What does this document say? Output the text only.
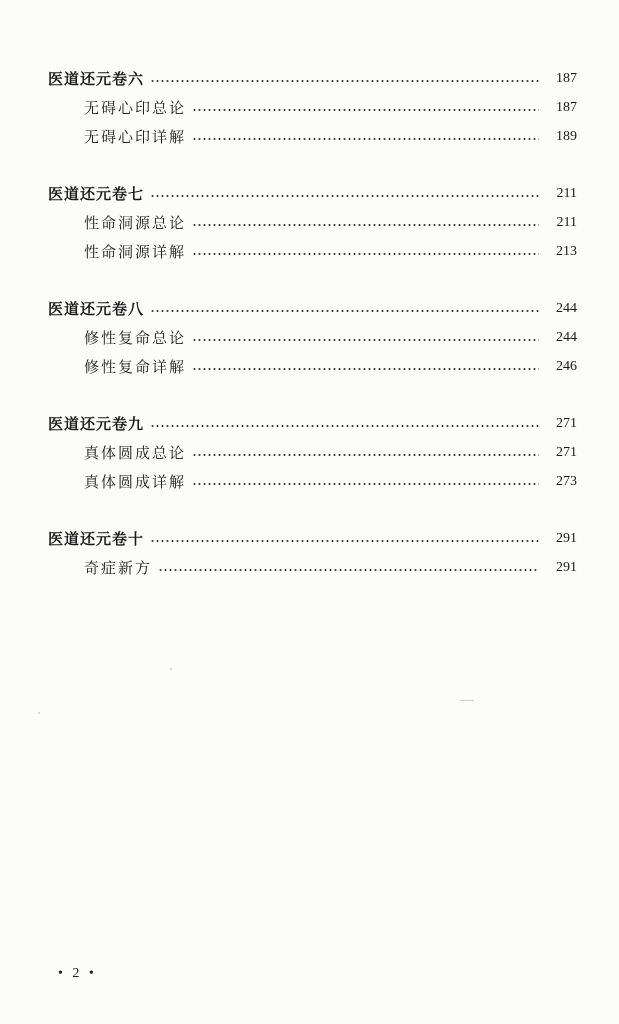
医道还元卷六	187
无碍心印总论	187
无碍心印详解	189
医道还元卷七	211
性命洞源总论	211
性命洞源详解	213
医道还元卷八	244
修性复命总论	244
修性复命详解	246
医道还元卷九	271
真体圆成总论	271
真体圆成详解	273
医道还元卷十	291
奇症新方	291
• 2 •
